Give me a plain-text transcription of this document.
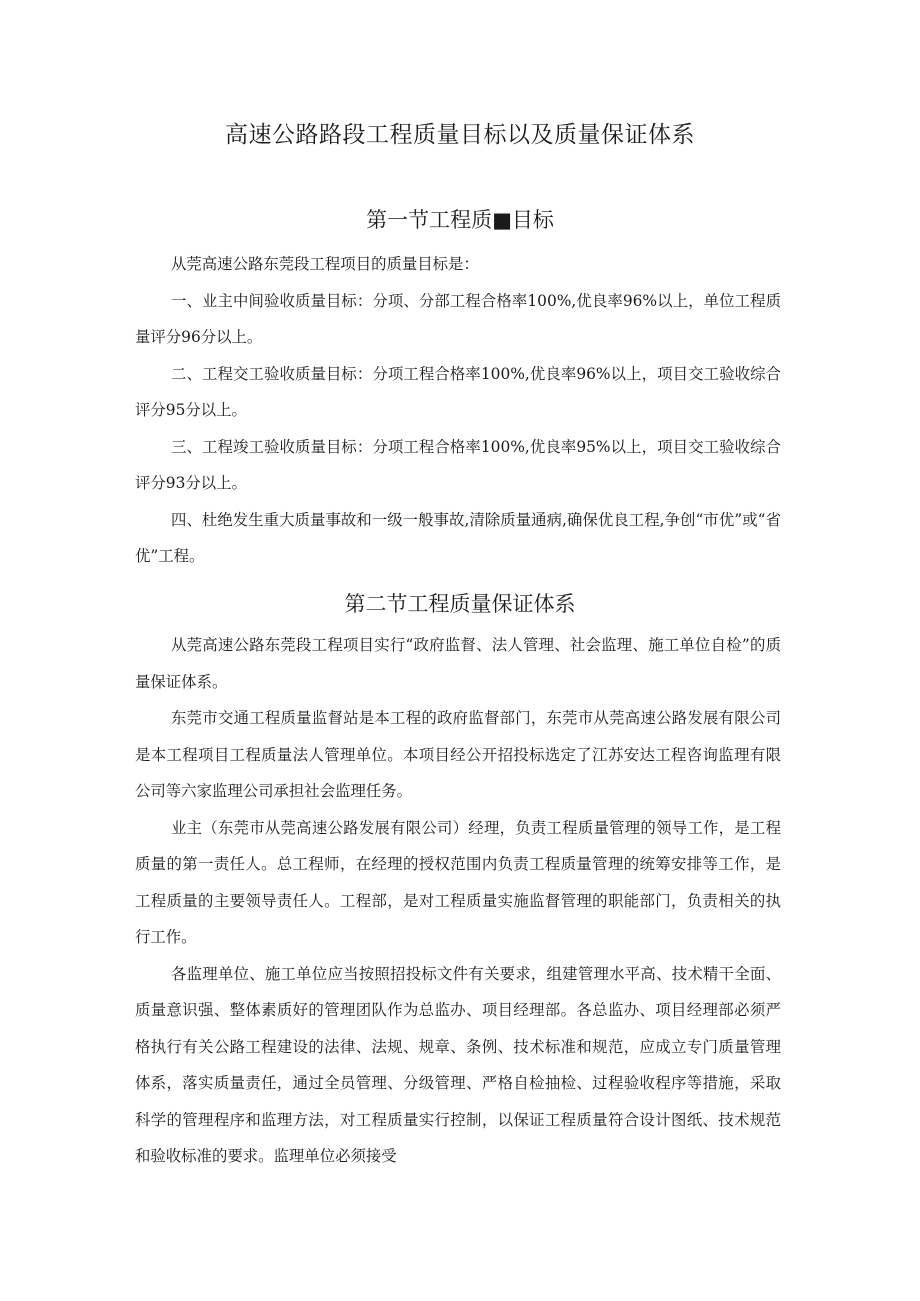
高速公路路段工程质量目标以及质量保证体系
第一节工程质■目标

从莞高速公路东莞段工程项目的质量目标是：

一、业主中间验收质量目标：分项、分部工程合格率100%,优良率96%以上，单位工程质量评分96分以上。

二、工程交工验收质量目标：分项工程合格率100%,优良率96%以上，项目交工验收综合评分95分以上。

三、工程竣工验收质量目标：分项工程合格率100%,优良率95%以上，项目交工验收综合评分93分以上。

四、杜绝发生重大质量事故和一级一般事故,清除质量通病,确保优良工程,争创“市优”或“省优”工程。

第二节工程质量保证体系

从莞高速公路东莞段工程项目实行“政府监督、法人管理、社会监理、施工单位自检”的质量保证体系。

东莞市交通工程质量监督站是本工程的政府监督部门，东莞市从莞高速公路发展有限公司是本工程项目工程质量法人管理单位。本项目经公开招投标选定了江苏安达工程咨询监理有限公司等六家监理公司承担社会监理任务。

业主（东莞市从莞高速公路发展有限公司）经理，负责工程质量管理的领导工作，是工程质量的第一责任人。总工程师，在经理的授权范围内负责工程质量管理的统筹安排等工作，是工程质量的主要领导责任人。工程部，是对工程质量实施监督管理的职能部门，负责相关的执行工作。

各监理单位、施工单位应当按照招投标文件有关要求，组建管理水平高、技术精干全面、质量意识强、整体素质好的管理团队作为总监办、项目经理部。各总监办、项目经理部必须严格执行有关公路工程建设的法律、法规、规章、条例、技术标准和规范，应成立专门质量管理体系，落实质量责任，通过全员管理、分级管理、严格自检抽检、过程验收程序等措施，采取科学的管理程序和监理方法，对工程质量实行控制，以保证工程质量符合设计图纸、技术规范和验收标准的要求。监理单位必须接受
